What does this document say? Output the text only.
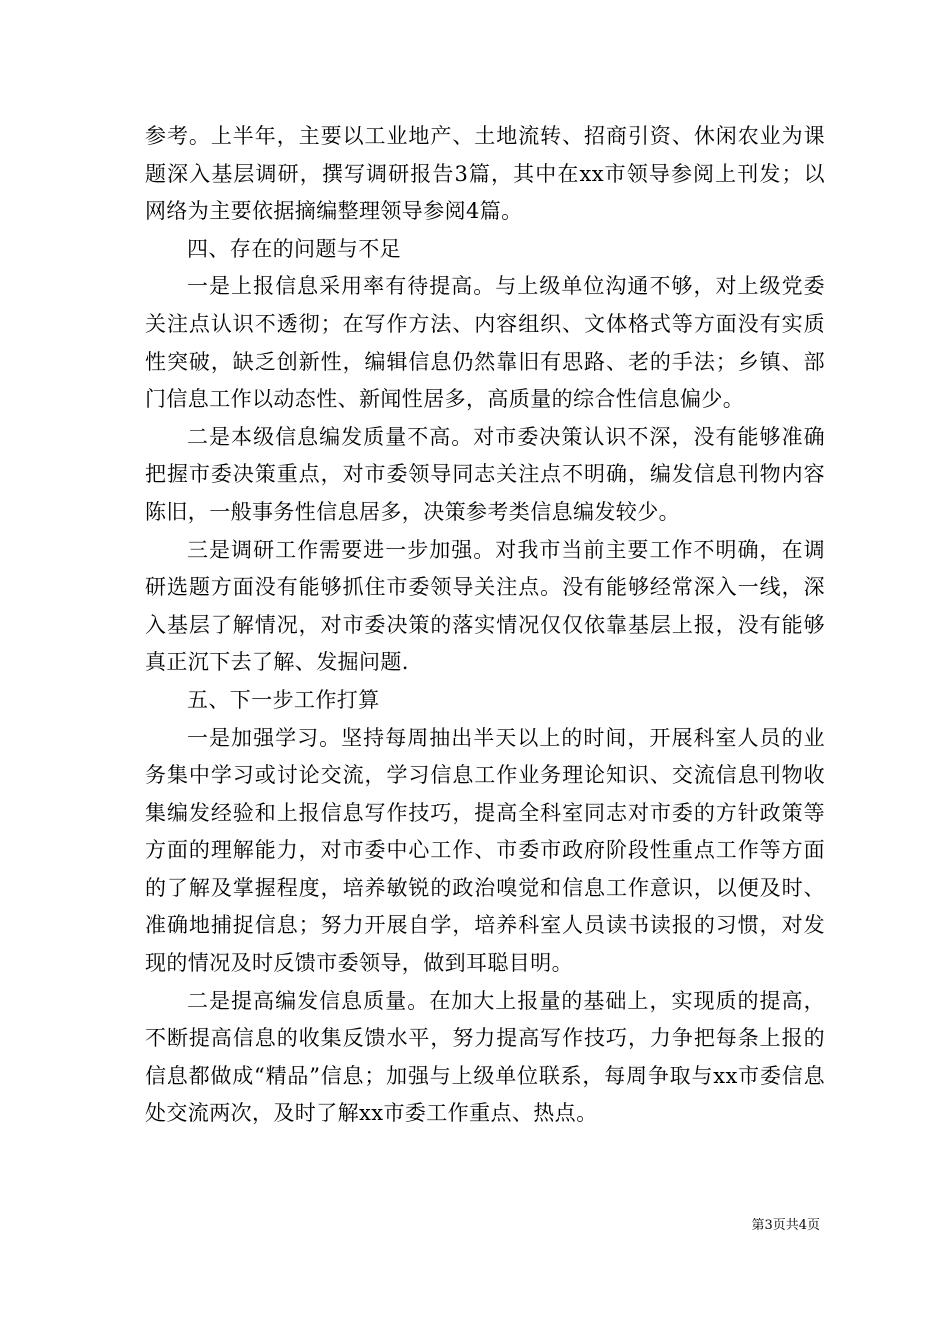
参考。上半年，主要以工业地产、土地流转、招商引资、休闲农业为课题深入基层调研，撰写调研报告3篇，其中在xx市领导参阅上刊发；以网络为主要依据摘编整理领导参阅4篇。

四、存在的问题与不足

一是上报信息采用率有待提高。与上级单位沟通不够，对上级党委关注点认识不透彻；在写作方法、内容组织、文体格式等方面没有实质性突破，缺乏创新性，编辑信息仍然靠旧有思路、老的手法；乡镇、部门信息工作以动态性、新闻性居多，高质量的综合性信息偏少。

二是本级信息编发质量不高。对市委决策认识不深，没有能够准确把握市委决策重点，对市委领导同志关注点不明确，编发信息刊物内容陈旧，一般事务性信息居多，决策参考类信息编发较少。

三是调研工作需要进一步加强。对我市当前主要工作不明确，在调研选题方面没有能够抓住市委领导关注点。没有能够经常深入一线，深入基层了解情况，对市委决策的落实情况仅仅依靠基层上报，没有能够真正沉下去了解、发掘问题.

五、下一步工作打算

一是加强学习。坚持每周抽出半天以上的时间，开展科室人员的业务集中学习或讨论交流，学习信息工作业务理论知识、交流信息刊物收集编发经验和上报信息写作技巧，提高全科室同志对市委的方针政策等方面的理解能力，对市委中心工作、市委市政府阶段性重点工作等方面的了解及掌握程度，培养敏锐的政治嗅觉和信息工作意识，以便及时、准确地捕捉信息；努力开展自学，培养科室人员读书读报的习惯，对发现的情况及时反馈市委领导，做到耳聪目明。

二是提高编发信息质量。在加大上报量的基础上，实现质的提高，不断提高信息的收集反馈水平，努力提高写作技巧，力争把每条上报的信息都做成“精品”信息；加强与上级单位联系，每周争取与xx市委信息处交流两次，及时了解xx市委工作重点、热点。

第3页共4页
